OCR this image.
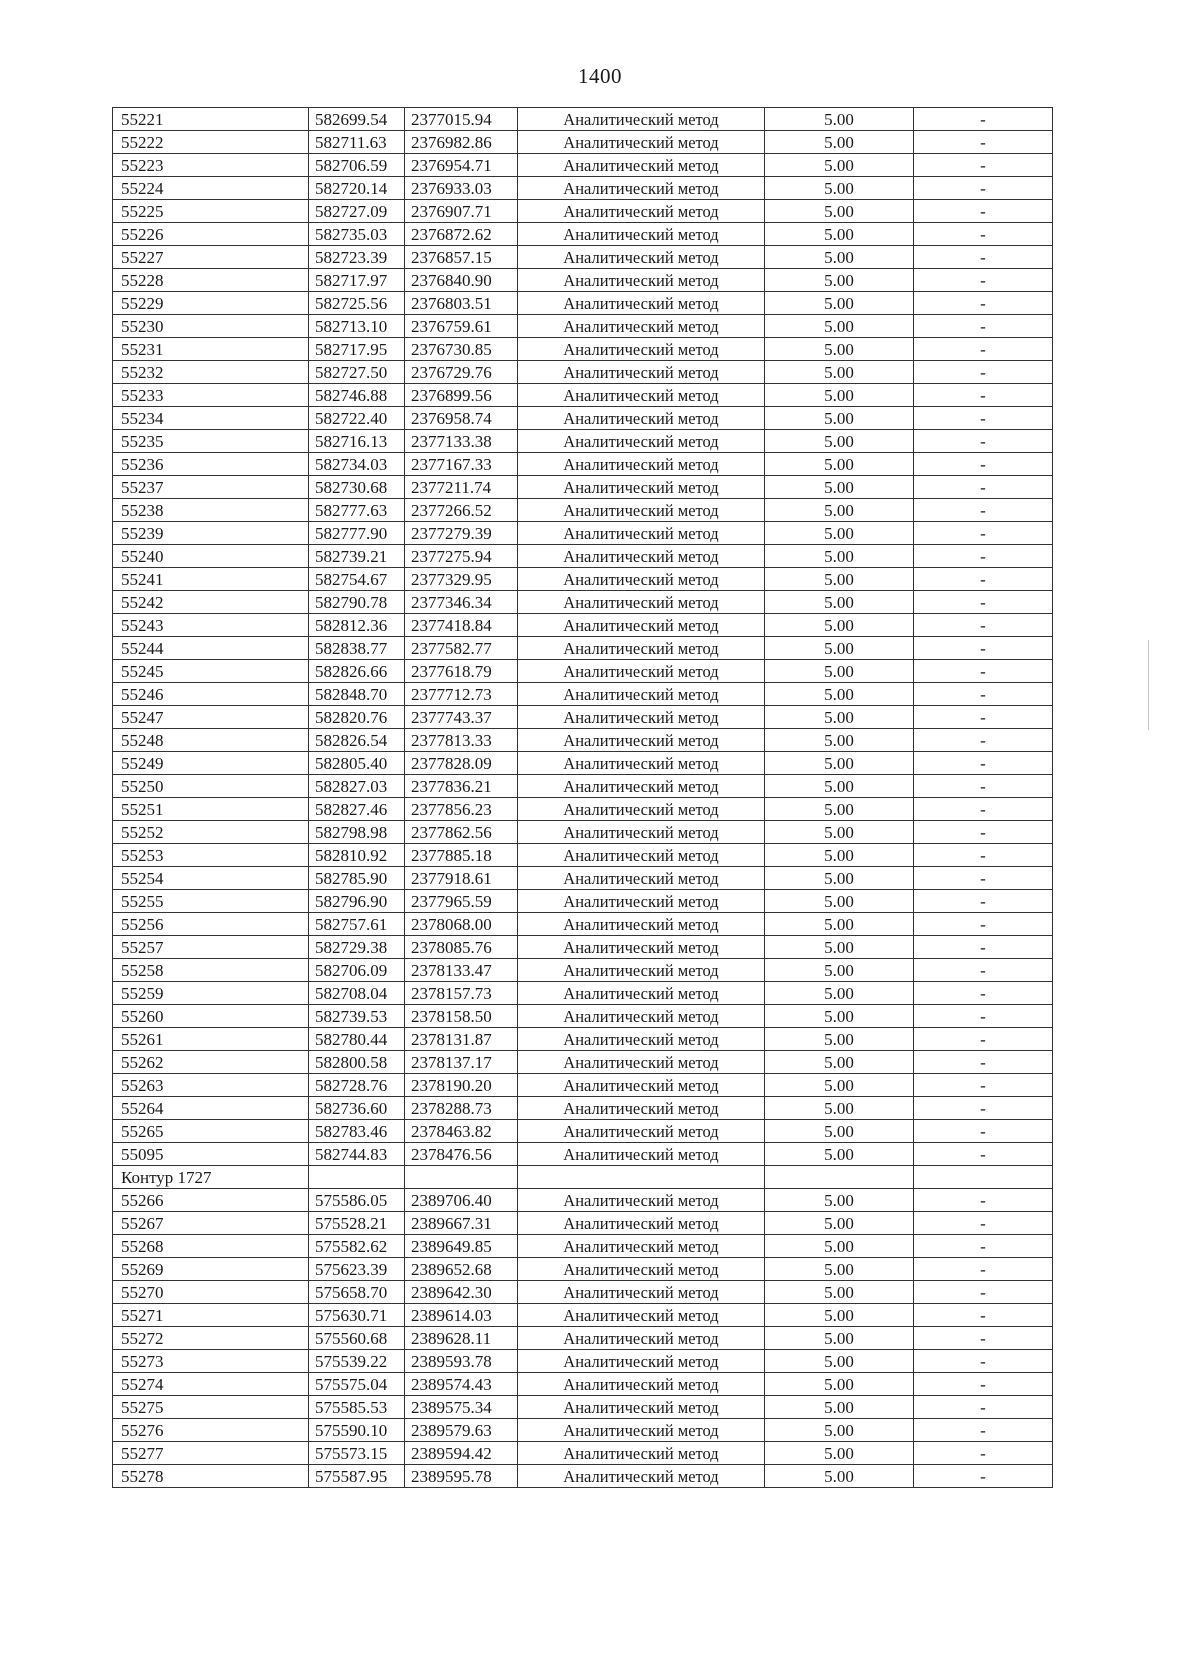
1400
55221	582699.54	2377015.94	Аналитический метод	5.00	-
55222	582711.63	2376982.86	Аналитический метод	5.00	-
55223	582706.59	2376954.71	Аналитический метод	5.00	-
55224	582720.14	2376933.03	Аналитический метод	5.00	-
55225	582727.09	2376907.71	Аналитический метод	5.00	-
55226	582735.03	2376872.62	Аналитический метод	5.00	-
55227	582723.39	2376857.15	Аналитический метод	5.00	-
55228	582717.97	2376840.90	Аналитический метод	5.00	-
55229	582725.56	2376803.51	Аналитический метод	5.00	-
55230	582713.10	2376759.61	Аналитический метод	5.00	-
55231	582717.95	2376730.85	Аналитический метод	5.00	-
55232	582727.50	2376729.76	Аналитический метод	5.00	-
55233	582746.88	2376899.56	Аналитический метод	5.00	-
55234	582722.40	2376958.74	Аналитический метод	5.00	-
55235	582716.13	2377133.38	Аналитический метод	5.00	-
55236	582734.03	2377167.33	Аналитический метод	5.00	-
55237	582730.68	2377211.74	Аналитический метод	5.00	-
55238	582777.63	2377266.52	Аналитический метод	5.00	-
55239	582777.90	2377279.39	Аналитический метод	5.00	-
55240	582739.21	2377275.94	Аналитический метод	5.00	-
55241	582754.67	2377329.95	Аналитический метод	5.00	-
55242	582790.78	2377346.34	Аналитический метод	5.00	-
55243	582812.36	2377418.84	Аналитический метод	5.00	-
55244	582838.77	2377582.77	Аналитический метод	5.00	-
55245	582826.66	2377618.79	Аналитический метод	5.00	-
55246	582848.70	2377712.73	Аналитический метод	5.00	-
55247	582820.76	2377743.37	Аналитический метод	5.00	-
55248	582826.54	2377813.33	Аналитический метод	5.00	-
55249	582805.40	2377828.09	Аналитический метод	5.00	-
55250	582827.03	2377836.21	Аналитический метод	5.00	-
55251	582827.46	2377856.23	Аналитический метод	5.00	-
55252	582798.98	2377862.56	Аналитический метод	5.00	-
55253	582810.92	2377885.18	Аналитический метод	5.00	-
55254	582785.90	2377918.61	Аналитический метод	5.00	-
55255	582796.90	2377965.59	Аналитический метод	5.00	-
55256	582757.61	2378068.00	Аналитический метод	5.00	-
55257	582729.38	2378085.76	Аналитический метод	5.00	-
55258	582706.09	2378133.47	Аналитический метод	5.00	-
55259	582708.04	2378157.73	Аналитический метод	5.00	-
55260	582739.53	2378158.50	Аналитический метод	5.00	-
55261	582780.44	2378131.87	Аналитический метод	5.00	-
55262	582800.58	2378137.17	Аналитический метод	5.00	-
55263	582728.76	2378190.20	Аналитический метод	5.00	-
55264	582736.60	2378288.73	Аналитический метод	5.00	-
55265	582783.46	2378463.82	Аналитический метод	5.00	-
55095	582744.83	2378476.56	Аналитический метод	5.00	-
Контур 1727					
55266	575586.05	2389706.40	Аналитический метод	5.00	-
55267	575528.21	2389667.31	Аналитический метод	5.00	-
55268	575582.62	2389649.85	Аналитический метод	5.00	-
55269	575623.39	2389652.68	Аналитический метод	5.00	-
55270	575658.70	2389642.30	Аналитический метод	5.00	-
55271	575630.71	2389614.03	Аналитический метод	5.00	-
55272	575560.68	2389628.11	Аналитический метод	5.00	-
55273	575539.22	2389593.78	Аналитический метод	5.00	-
55274	575575.04	2389574.43	Аналитический метод	5.00	-
55275	575585.53	2389575.34	Аналитический метод	5.00	-
55276	575590.10	2389579.63	Аналитический метод	5.00	-
55277	575573.15	2389594.42	Аналитический метод	5.00	-
55278	575587.95	2389595.78	Аналитический метод	5.00	-
